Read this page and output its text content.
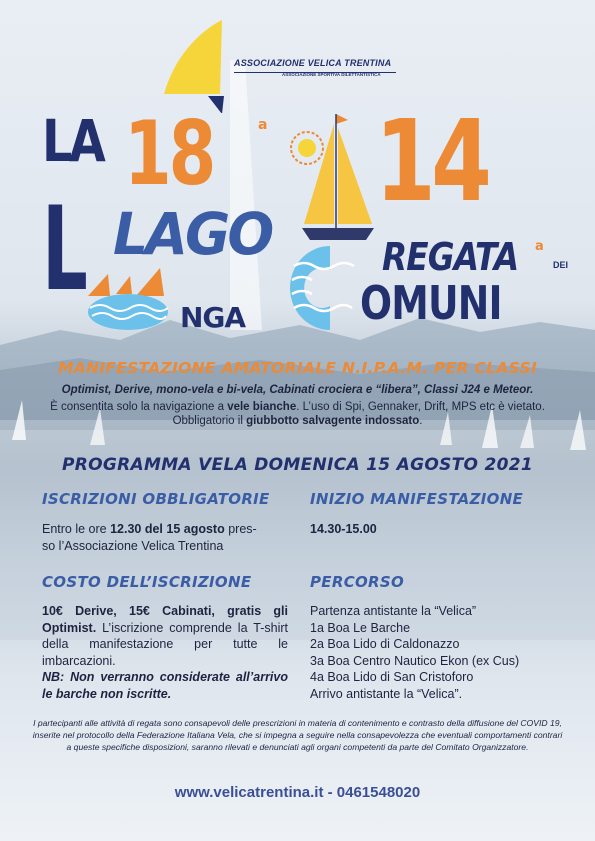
ASSOCIAZIONE VELICA TRENTINA
ASSOCIAZIONE SPORTIVA DILETTANTISTICA
LA 18	a
L LAGO
NGA
14
a
REGATA	DEI
OMUNI
MANIFESTAZIONE AMATORIALE N.I.P.A.M. PER CLASSI
Optimist, Derive, mono-vela e bi-vela, Cabinati crociera e “libera”, Classi J24 e Meteor.
È consentita solo la navigazione a vele bianche. L’uso di Spi, Gennaker, Drift, MPS etc è vietato.
Obbligatorio il giubbotto salvagente indossato.
PROGRAMMA VELA DOMENICA 15 AGOSTO 2021
ISCRIZIONI OBBLIGATORIE
Entro le ore 12.30 del 15 agosto pres-
so l’Associazione Velica Trentina
INIZIO MANIFESTAZIONE
14.30-15.00
COSTO DELL’ISCRIZIONE
10€ Derive, 15€ Cabinati, gratis gli Optimist. L’iscrizione comprende la T-shirt della manifestazione per tutte le imbarcazioni.
NB: Non verranno considerate all’arrivo le barche non iscritte.
PERCORSO
Partenza antistante la “Velica”
1a Boa Le Barche
2a Boa Lido di Caldonazzo
3a Boa Centro Nautico Ekon (ex Cus)
4a Boa Lido di San Cristoforo
Arrivo antistante la “Velica”.
I partecipanti alle attività di regata sono consapevoli delle prescrizioni in materia di contenimento e contrasto della diffusione del COVID 19, inserite nel protocollo della Federazione Italiana Vela, che si impegna a seguire nella consapevolezza che eventuali comportamenti contrari a queste specifiche disposizioni, saranno rilevati e denunciati agli organi competenti da parte del Comitato Organizzatore.
www.velicatrentina.it - 0461548020
